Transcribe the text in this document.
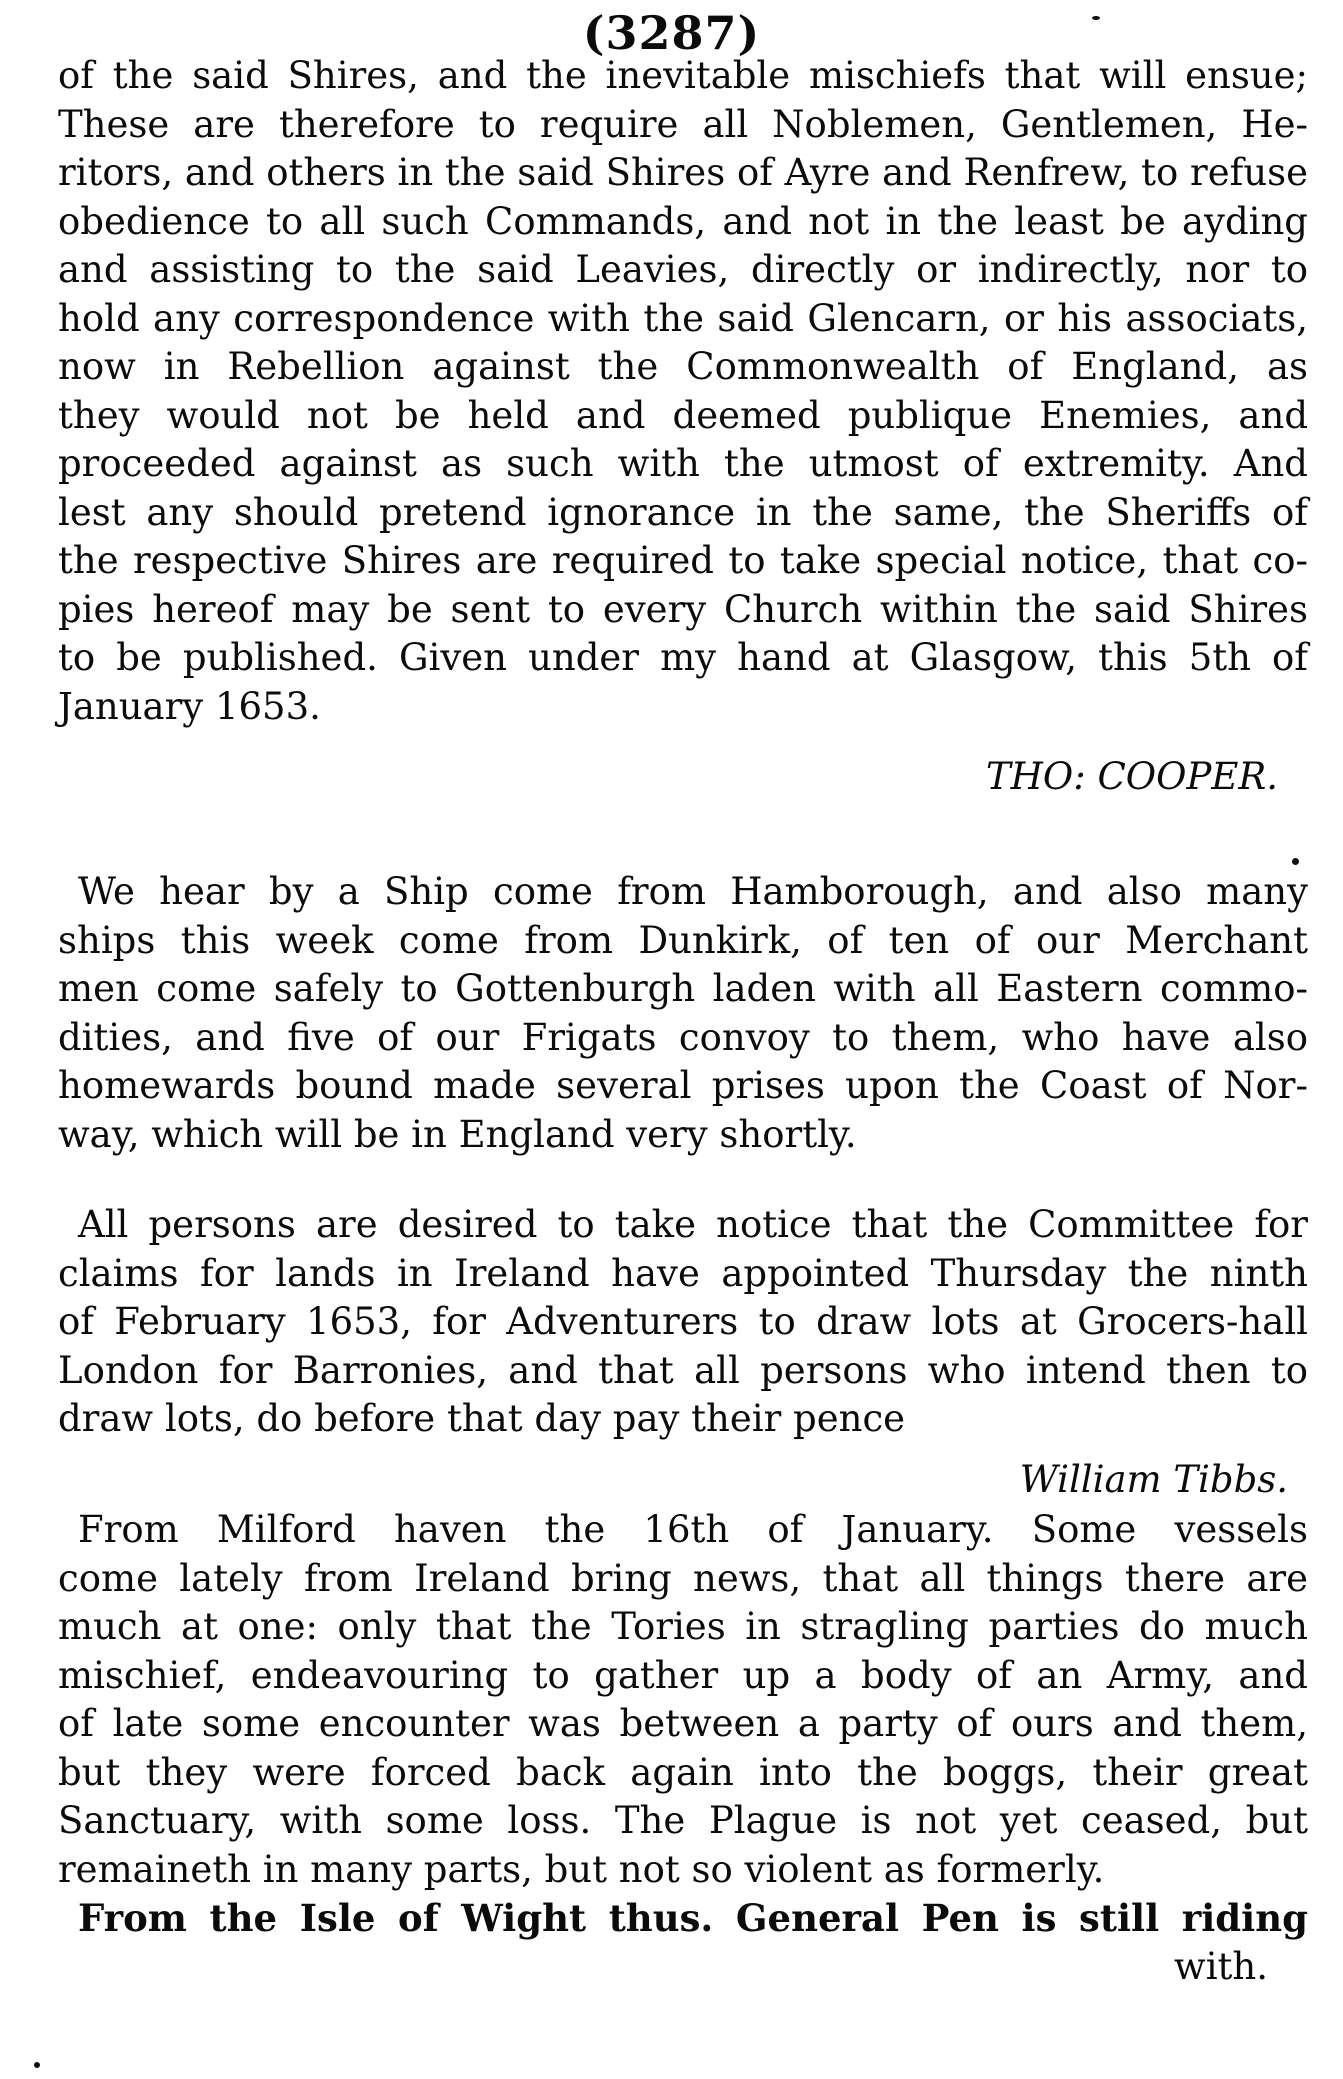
(3287)
of the said Shires, and the inevitable mischiefs that will ensue;
These are therefore to require all Noblemen, Gentlemen, He-
ritors, and others in the said Shires of Ayre and Renfrew, to refuse
obedience to all such Commands, and not in the least be ayding
and assisting to the said Leavies, directly or indirectly, nor to
hold any correspondence with the said Glencarn, or his associats,
now in Rebellion against the Commonwealth of England, as
they would not be held and deemed publique Enemies, and
proceeded against as such with the utmost of extremity. And
lest any should pretend ignorance in the same, the Sheriffs of
the respective Shires are required to take special notice, that co-
pies hereof may be sent to every Church within the said Shires
to be published. Given under my hand at Glasgow, this 5th of
January 1653.
THO: COOPER.
We hear by a Ship come from Hamborough, and also many
ships this week come from Dunkirk, of ten of our Merchant
men come safely to Gottenburgh laden with all Eastern commo-
dities, and five of our Frigats convoy to them, who have also
homewards bound made several prises upon the Coast of Nor-
way, which will be in England very shortly.
All persons are desired to take notice that the Committee for
claims for lands in Ireland have appointed Thursday the ninth
of February 1653, for Adventurers to draw lots at Grocers-hall
London for Barronies, and that all persons who intend then to
draw lots, do before that day pay their pence
William Tibbs.
From Milford haven the 16th of January. Some vessels
come lately from Ireland bring news, that all things there are
much at one: only that the Tories in stragling parties do much
mischief, endeavouring to gather up a body of an Army, and
of late some encounter was between a party of ours and them,
but they were forced back again into the boggs, their great
Sanctuary, with some loss. The Plague is not yet ceased, but
remaineth in many parts, but not so violent as formerly.
From the Isle of Wight thus. General Pen is still riding
with.
